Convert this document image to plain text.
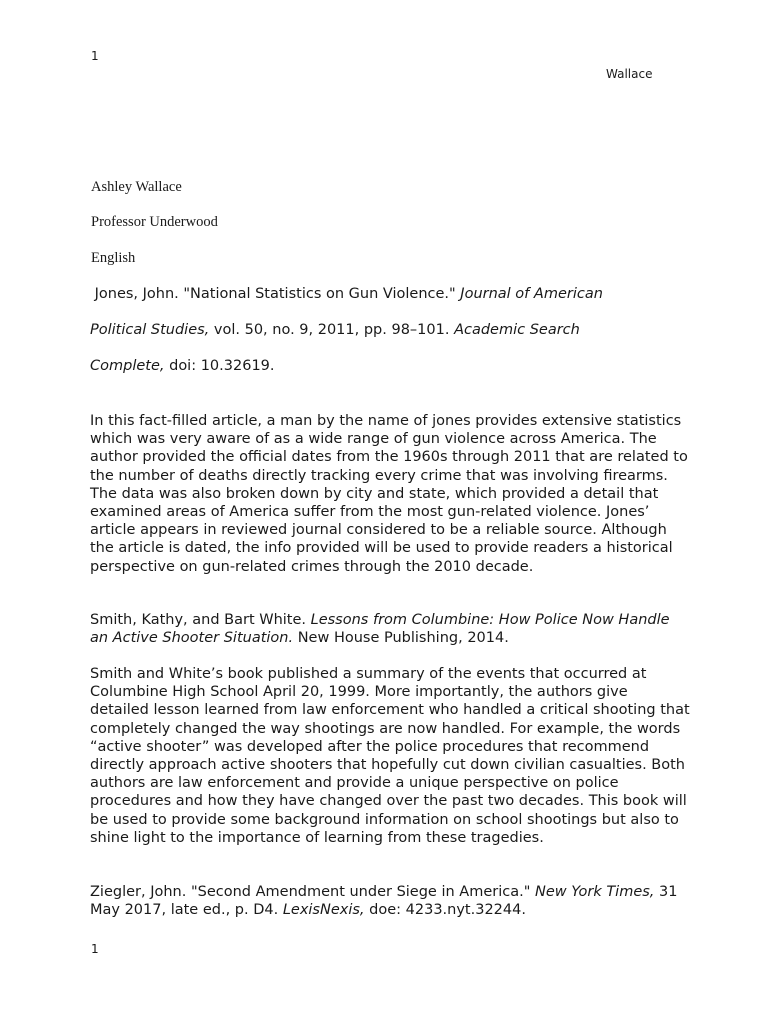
1
Wallace
Ashley Wallace
Professor Underwood
English
Jones, John. "National Statistics on Gun Violence." Journal of American
Political Studies, vol. 50, no. 9, 2011, pp. 98–101. Academic Search
Complete, doi: 10.32619.
In this fact-filled article, a man by the name of jones provides extensive statistics which was very aware of as a wide range of gun violence across America. The author provided the official dates from the 1960s through 2011 that are related to the number of deaths directly tracking every crime that was involving firearms. The data was also broken down by city and state, which provided a detail that examined areas of America suffer from the most gun-related violence. Jones’ article appears in reviewed journal considered to be a reliable source. Although the article is dated, the info provided will be used to provide readers a historical perspective on gun-related crimes through the 2010 decade.
Smith, Kathy, and Bart White. Lessons from Columbine: How Police Now Handle an Active Shooter Situation. New House Publishing, 2014.
Smith and White’s book published a summary of the events that occurred at Columbine High School April 20, 1999. More importantly, the authors give detailed lesson learned from law enforcement who handled a critical shooting that completely changed the way shootings are now handled. For example, the words “active shooter” was developed after the police procedures that recommend directly approach active shooters that hopefully cut down civilian casualties. Both authors are law enforcement and provide a unique perspective on police procedures and how they have changed over the past two decades. This book will be used to provide some background information on school shootings but also to shine light to the importance of learning from these tragedies.
Ziegler, John. "Second Amendment under Siege in America." New York Times, 31 May 2017, late ed., p. D4. LexisNexis, doe: 4233.nyt.32244.
1
